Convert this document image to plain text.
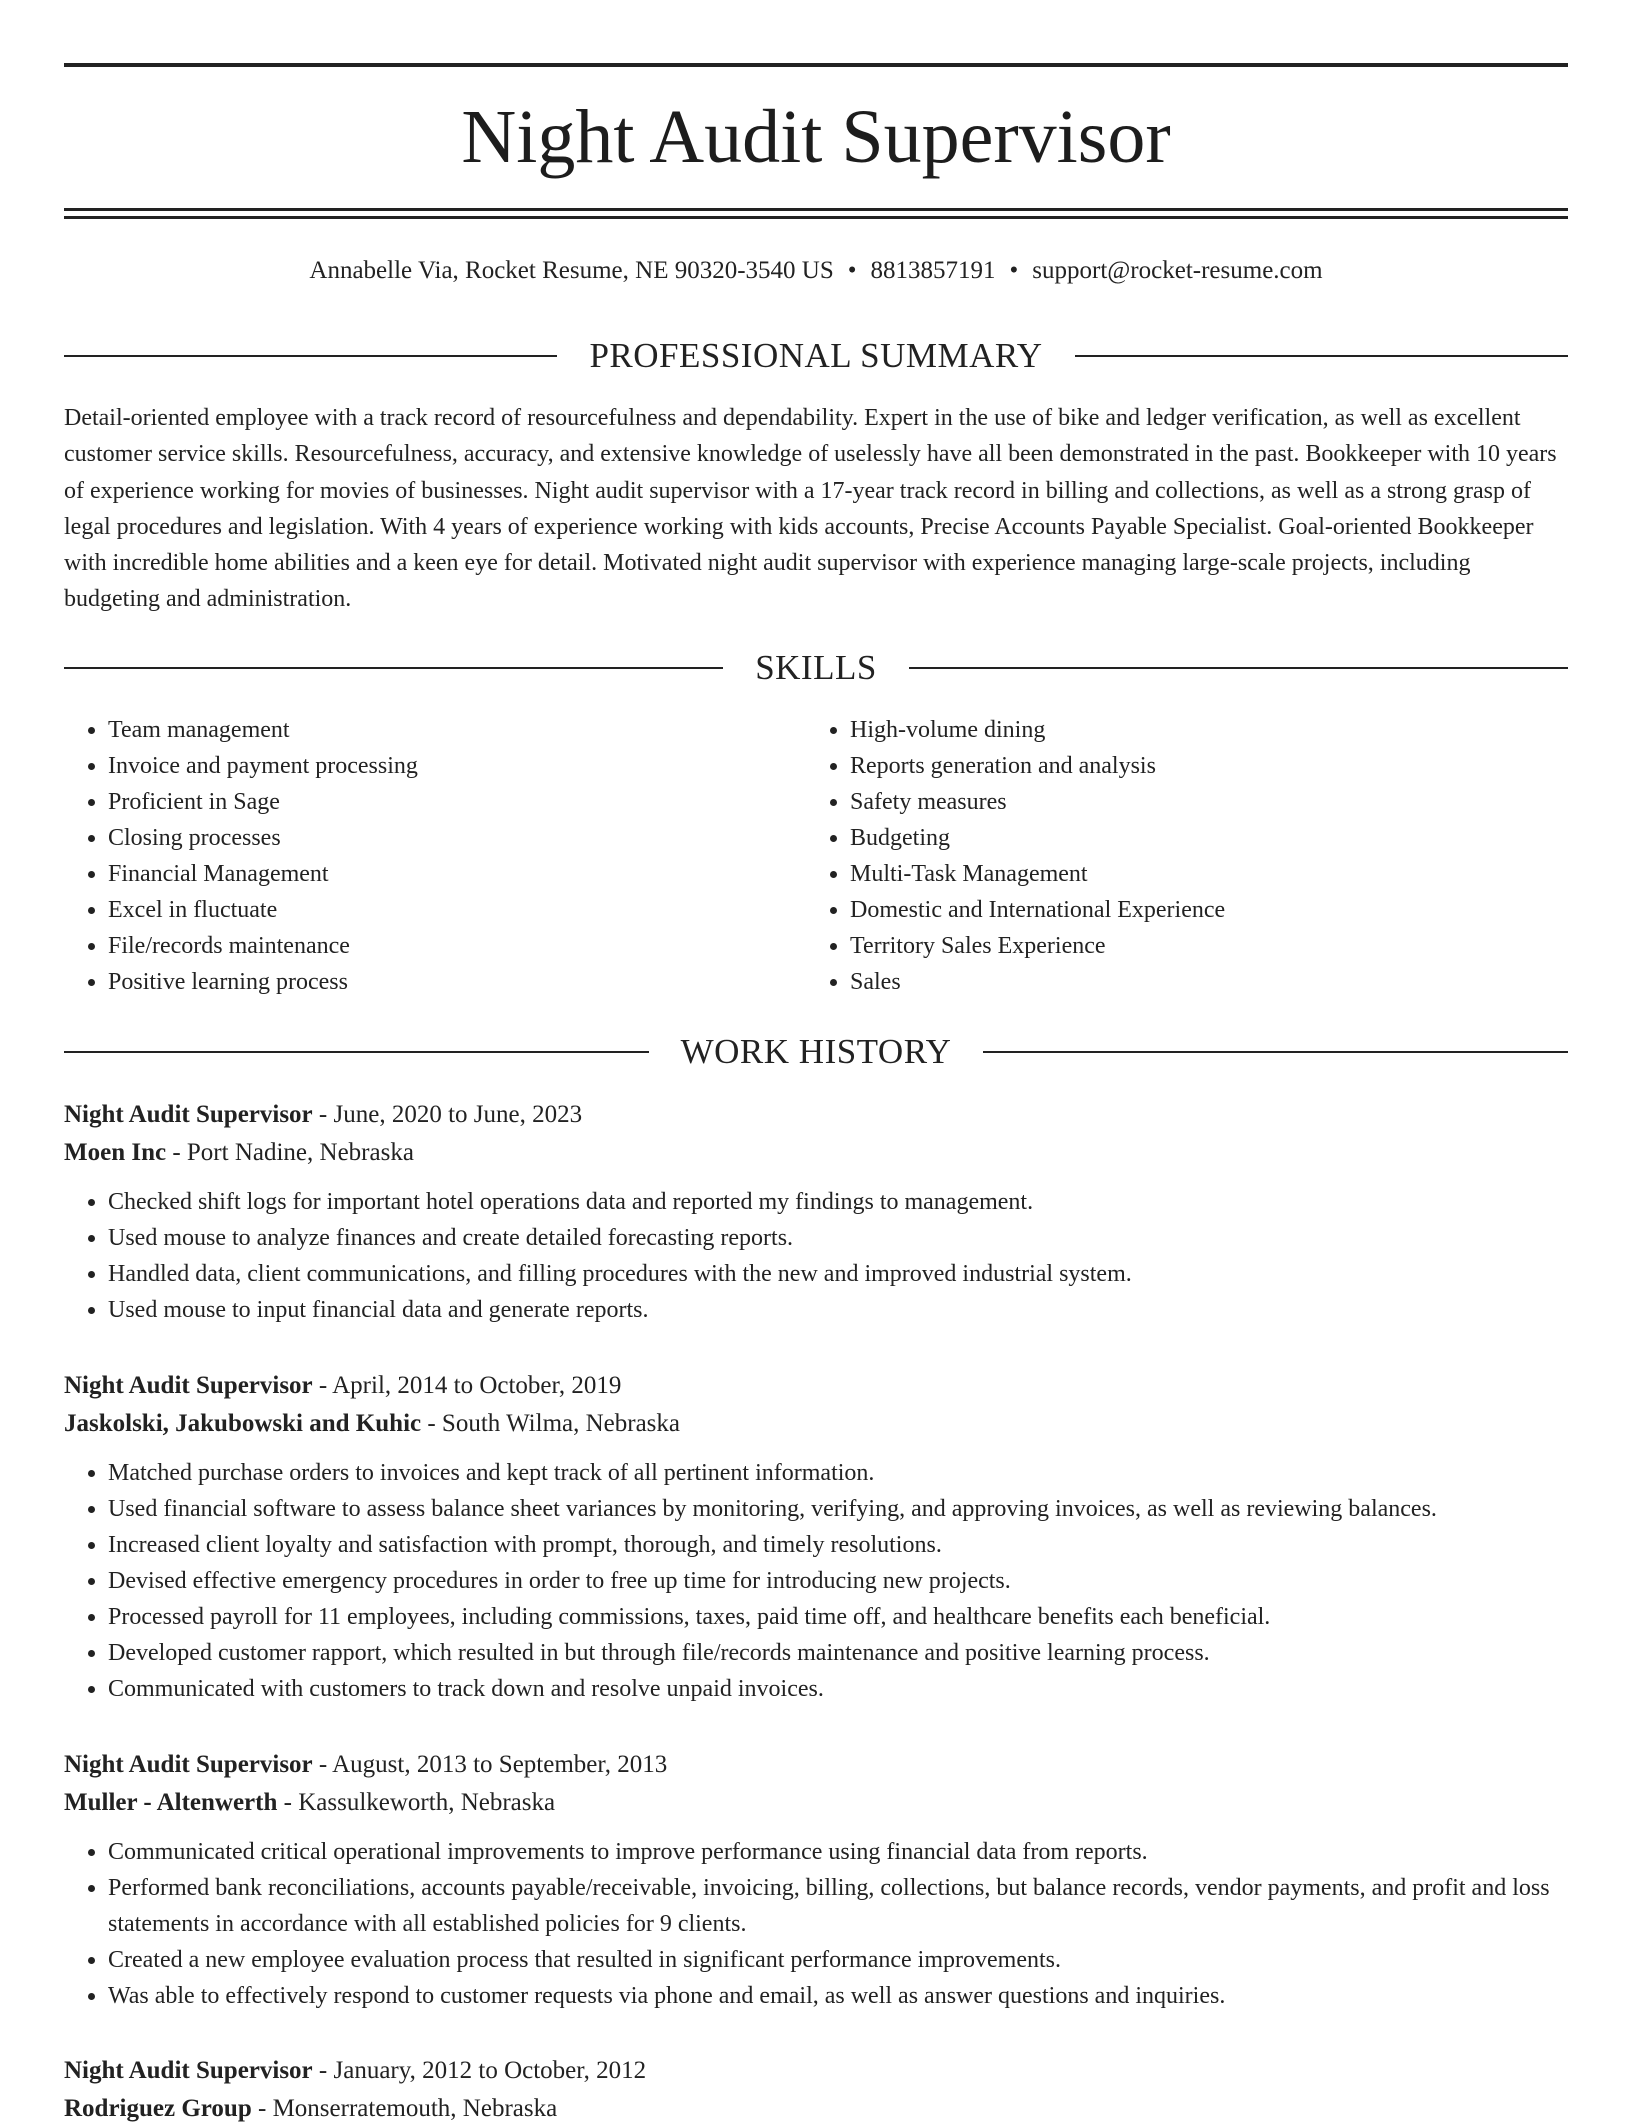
Night Audit Supervisor
Annabelle Via, Rocket Resume, NE 90320-3540 US • 8813857191 • support@rocket-resume.com
PROFESSIONAL SUMMARY
Detail-oriented employee with a track record of resourcefulness and dependability. Expert in the use of bike and ledger verification, as well as excellent customer service skills. Resourcefulness, accuracy, and extensive knowledge of uselessly have all been demonstrated in the past. Bookkeeper with 10 years of experience working for movies of businesses. Night audit supervisor with a 17-year track record in billing and collections, as well as a strong grasp of legal procedures and legislation. With 4 years of experience working with kids accounts, Precise Accounts Payable Specialist. Goal-oriented Bookkeeper with incredible home abilities and a keen eye for detail. Motivated night audit supervisor with experience managing large-scale projects, including budgeting and administration.
SKILLS
• Team management
• Invoice and payment processing
• Proficient in Sage
• Closing processes
• Financial Management
• Excel in fluctuate
• File/records maintenance
• Positive learning process
• High-volume dining
• Reports generation and analysis
• Safety measures
• Budgeting
• Multi-Task Management
• Domestic and International Experience
• Territory Sales Experience
• Sales
WORK HISTORY
Night Audit Supervisor - June, 2020 to June, 2023
Moen Inc - Port Nadine, Nebraska
• Checked shift logs for important hotel operations data and reported my findings to management.
• Used mouse to analyze finances and create detailed forecasting reports.
• Handled data, client communications, and filling procedures with the new and improved industrial system.
• Used mouse to input financial data and generate reports.
Night Audit Supervisor - April, 2014 to October, 2019
Jaskolski, Jakubowski and Kuhic - South Wilma, Nebraska
• Matched purchase orders to invoices and kept track of all pertinent information.
• Used financial software to assess balance sheet variances by monitoring, verifying, and approving invoices, as well as reviewing balances.
• Increased client loyalty and satisfaction with prompt, thorough, and timely resolutions.
• Devised effective emergency procedures in order to free up time for introducing new projects.
• Processed payroll for 11 employees, including commissions, taxes, paid time off, and healthcare benefits each beneficial.
• Developed customer rapport, which resulted in but through file/records maintenance and positive learning process.
• Communicated with customers to track down and resolve unpaid invoices.
Night Audit Supervisor - August, 2013 to September, 2013
Muller - Altenwerth - Kassulkeworth, Nebraska
• Communicated critical operational improvements to improve performance using financial data from reports.
• Performed bank reconciliations, accounts payable/receivable, invoicing, billing, collections, but balance records, vendor payments, and profit and loss statements in accordance with all established policies for 9 clients.
• Created a new employee evaluation process that resulted in significant performance improvements.
• Was able to effectively respond to customer requests via phone and email, as well as answer questions and inquiries.
Night Audit Supervisor - January, 2012 to October, 2012
Rodriguez Group - Monserratemouth, Nebraska
